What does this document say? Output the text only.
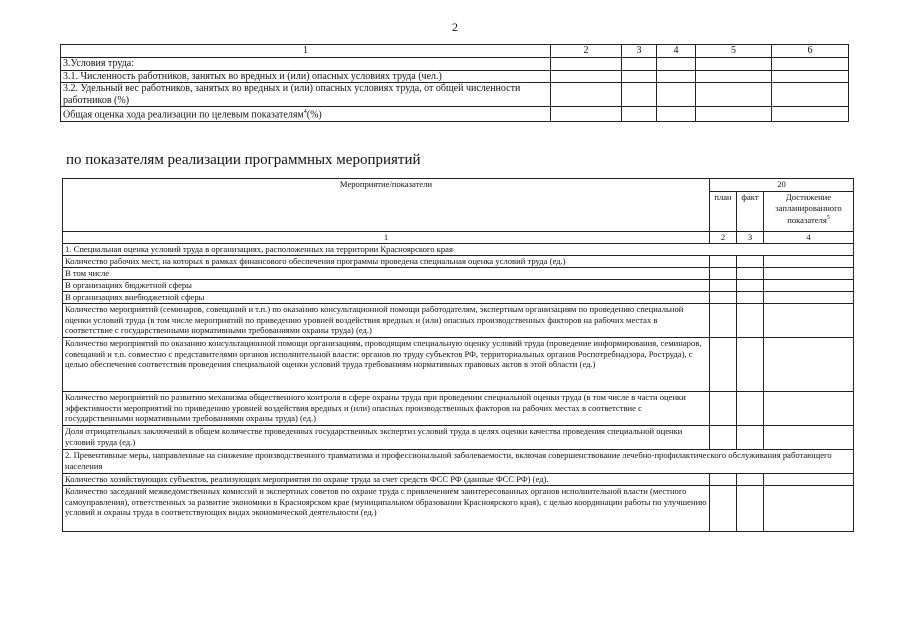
2
1	2	3	4	5	6
3.Условия труда:					
3.1. Численность работников, занятых во вредных и (или) опасных условиях труда (чел.)					
3.2. Удельный вес работников, занятых во вредных и (или) опасных условиях труда, от общей численности работников (%)					
Общая оценка хода реализации по целевым показателям$^4$(%)					
по показателям реализации программных мероприятий
Мероприятие/показатели	20		
	план	факт	Достижение запланированного показателя$^5$
1	2	3	4
1. Специальная оценка условий труда в организациях, расположенных на территории Красноярского края			
Количество рабочих мест, на которых в рамках финансового обеспечения программы проведена специальная оценка условий труда (ед.)			
В том числе			
В организациях бюджетной сферы			
В организациях внебюджетной сферы			
Количество мероприятий (семинаров, совещаний и т.п.) по оказанию консультационной помощи работодателям, экспертным организациям по проведению специальной оценки условий труда (в том числе мероприятий по приведению уровней воздействия вредных и (или) опасных производственных факторов на рабочих местах в соответствие с государственными нормативными требованиями охраны труда) (ед.)			
Количество мероприятий по оказанию консультационной помощи организациям, проводящим специальную оценку условий труда (проведение информирования, семинаров, совещаний и т.п. совместно с представителями органов исполнительной власти: органов по труду субъектов РФ, территориальных органов Роспотребнадзора, Роструда), с целью обеспечения соответствия проведения специальной оценки условий труда требованиям нормативных правовых актов в этой области (ед.)			
Количество мероприятий по развитию механизма общественного контроля в сфере охраны труда при проведении специальной оценки труда (в том числе в части оценки эффективности мероприятий по приведению уровней воздействия вредных и (или) опасных производственных факторов на рабочих местах в соответствие с государственными нормативными требованиями охраны труда) (ед.)			
Доля отрицательных заключений в общем количестве проведенных государственных экспертиз условий труда в целях оценки качества проведения специальной оценки условий труда (ед.)			
2. Превентивные меры, направленные на снижение производственного травматизма и профессиональной заболеваемости, включая совершенствование лечебно-профилактического обслуживания работающего населения			
Количество хозяйствующих субъектов, реализующих мероприятия по охране труда за счет средств ФСС РФ (данные ФСС РФ) (ед).			
Количество заседаний межведомственных комиссий и экспертных советов по охране труда с привлечением заинтересованных органов исполнительной власти (местного самоуправления), ответственных за развитие экономики в Красноярском крае (муниципальном образовании Красноярского края), с целью координации работы по улучшению условий и охраны труда в соответствующих видах экономической деятельности (ед.)			
